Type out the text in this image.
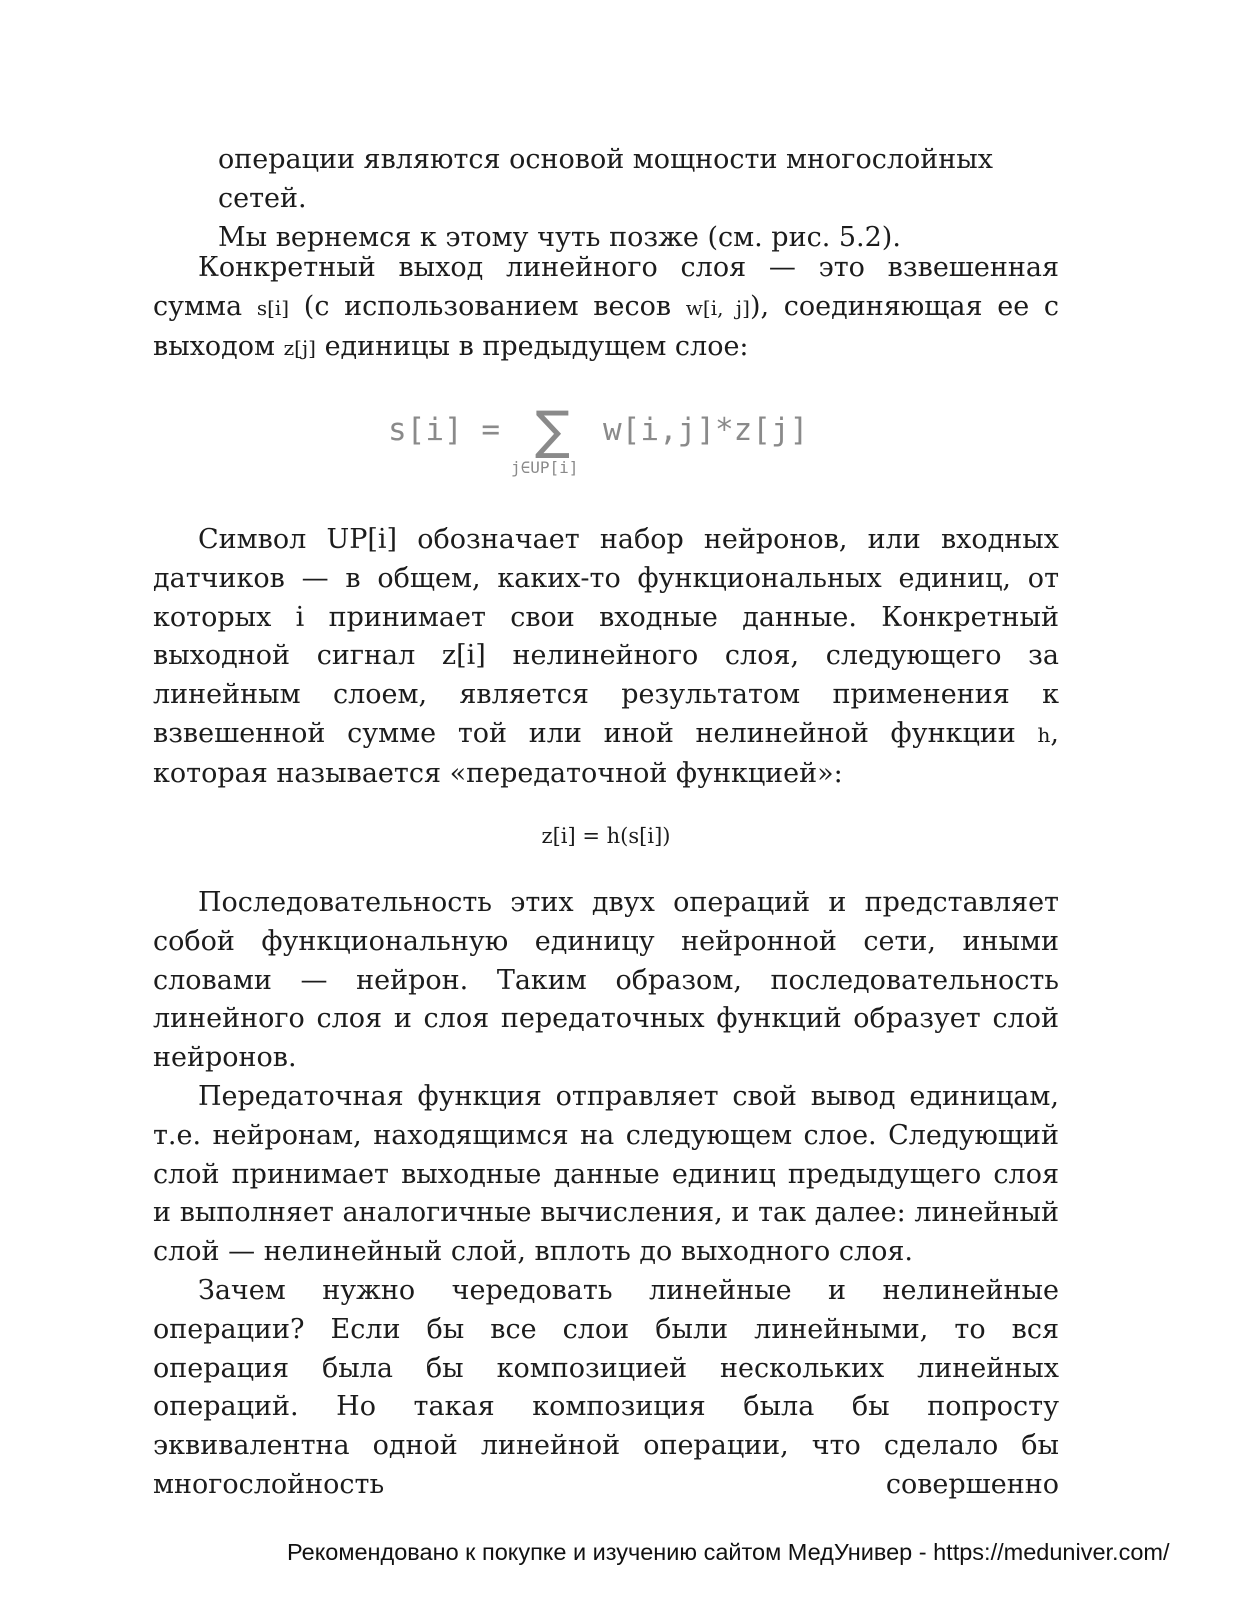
операции являются основой мощности многослойных сетей.

Мы вернемся к этому чуть позже (см. рис. 5.2).

Конкретный выход линейного слоя — это взвешенная сумма s[i] (с использованием весов w[i, j]), соединяющая ее с выходом z[j] единицы в предыдущем слое:

s[i] = ∑ w[i,j]*z[j]
j∈UP[i]

Символ UP[i] обозначает набор нейронов, или входных датчиков — в общем, каких-то функциональных единиц, от которых i принимает свои входные данные. Конкретный выходной сигнал z[i] нелинейного слоя, следующего за линейным слоем, является результатом применения к взвешенной сумме той или иной нелинейной функции h, которая называется «передаточной функцией»:

z[i] = h(s[i])

Последовательность этих двух операций и представляет собой функциональную единицу нейронной сети, иными словами — нейрон. Таким образом, последовательность линейного слоя и слоя передаточных функций образует слой нейронов.

Передаточная функция отправляет свой вывод единицам, т.е. нейронам, находящимся на следующем слое. Следующий слой принимает выходные данные единиц предыдущего слоя и выполняет аналогичные вычисления, и так далее: линейный слой — нелинейный слой, вплоть до выходного слоя.

Зачем нужно чередовать линейные и нелинейные операции? Если бы все слои были линейными, то вся операция была бы композицией нескольких линейных операций. Но такая композиция была бы попросту эквивалентна одной линейной операции, что сделало бы многослойность совершенно

Рекомендовано к покупке и изучению сайтом МедУнивер - https://meduniver.com/
